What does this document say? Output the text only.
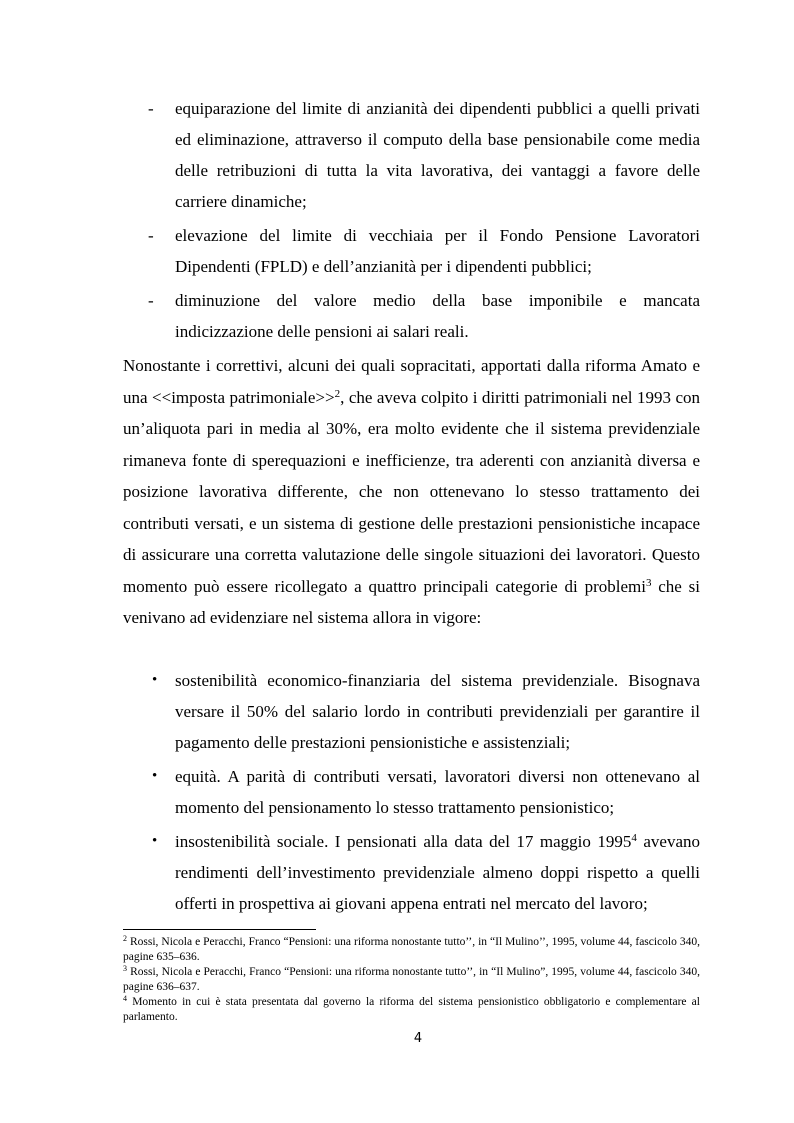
-	equiparazione del limite di anzianità dei dipendenti pubblici a quelli privati ed eliminazione, attraverso il computo della base pensionabile come media delle retribuzioni di tutta la vita lavorativa, dei vantaggi a favore delle carriere dinamiche;
-	elevazione del limite di vecchiaia per il Fondo Pensione Lavoratori Dipendenti (FPLD) e dell’anzianità per i dipendenti pubblici;
-	diminuzione del valore medio della base imponibile e mancata indicizzazione delle pensioni ai salari reali.

Nonostante i correttivi, alcuni dei quali sopracitati, apportati dalla riforma Amato e una <<imposta patrimoniale>>$^2$, che aveva colpito i diritti patrimoniali nel 1993 con un’aliquota pari in media al 30%, era molto evidente che il sistema previdenziale rimaneva fonte di sperequazioni e inefficienze, tra aderenti con anzianità diversa e posizione lavorativa differente, che non ottenevano lo stesso trattamento dei contributi versati, e un sistema di gestione delle prestazioni pensionistiche incapace di assicurare una corretta valutazione delle singole situazioni dei lavoratori. Questo momento può essere ricollegato a quattro principali categorie di problemi$^3$ che si venivano ad evidenziare nel sistema allora in vigore:

•	sostenibilità economico-finanziaria del sistema previdenziale. Bisognava versare il 50% del salario lordo in contributi previdenziali per garantire il pagamento delle prestazioni pensionistiche e assistenziali;
•	equità. A parità di contributi versati, lavoratori diversi non ottenevano al momento del pensionamento lo stesso trattamento pensionistico;
•	insostenibilità sociale. I pensionati alla data del 17 maggio 1995$^4$ avevano rendimenti dell’investimento previdenziale almeno doppi rispetto a quelli offerti in prospettiva ai giovani appena entrati nel mercato del lavoro;
$^2$ Rossi, Nicola e Peracchi, Franco “Pensioni: una riforma nonostante tutto’’, in “Il Mulino’’, 1995, volume 44, fascicolo 340, pagine 635–636.
$^3$ Rossi, Nicola e Peracchi, Franco “Pensioni: una riforma nonostante tutto’’, in “Il Mulino”, 1995, volume 44, fascicolo 340, pagine 636–637.
$^4$ Momento in cui è stata presentata dal governo la riforma del sistema pensionistico obbligatorio e complementare al parlamento.
4
